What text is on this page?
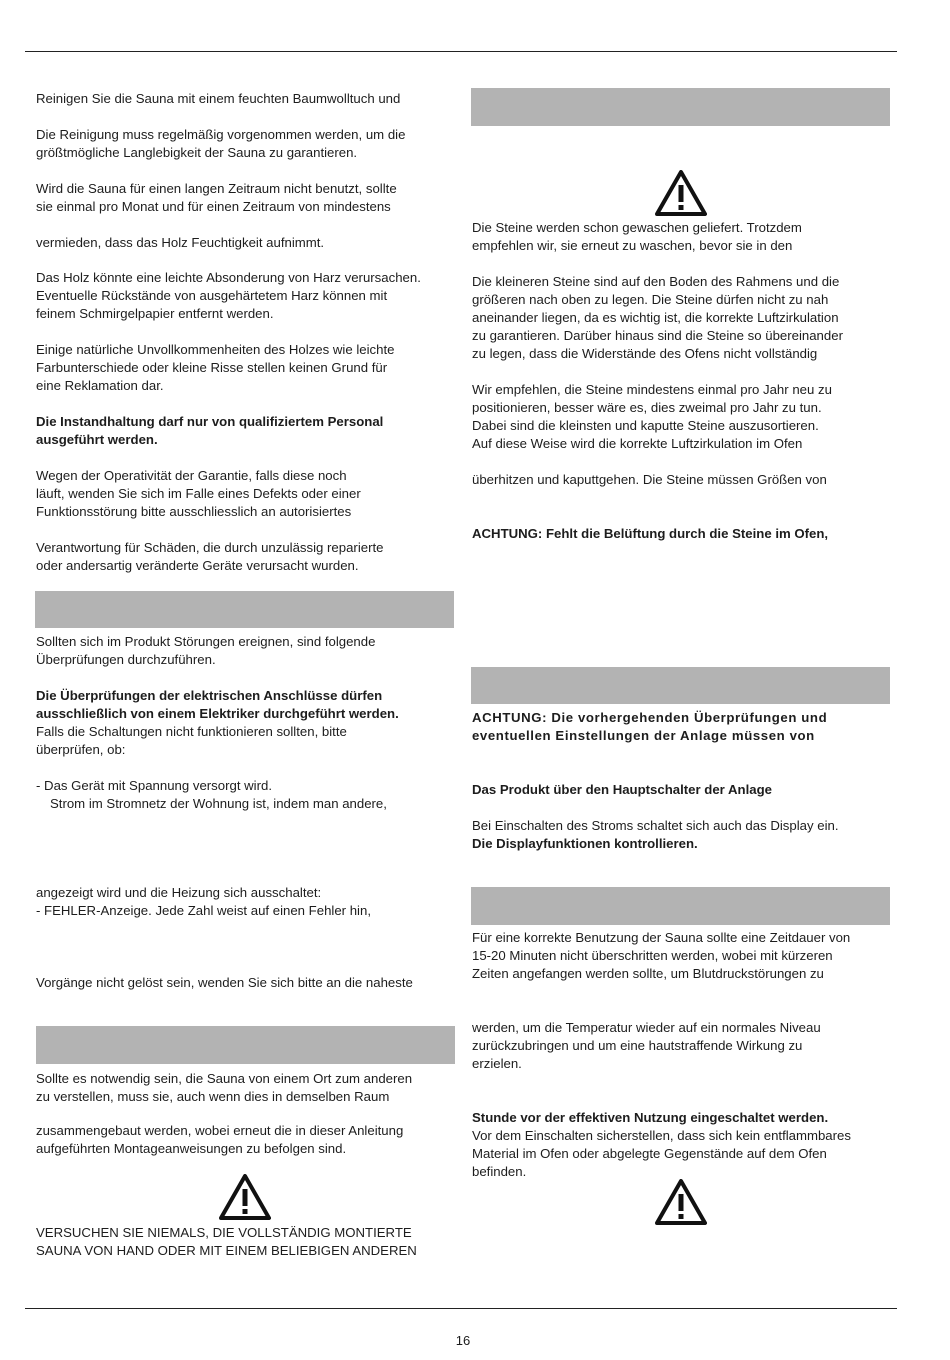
Reinigen Sie die Sauna mit einem feuchten Baumwolltuch und

Die Reinigung muss regelmäßig vorgenommen werden, um die
größtmögliche Langlebigkeit der Sauna zu garantieren.

Wird die Sauna für einen langen Zeitraum nicht benutzt, sollte
sie einmal pro Monat und für einen Zeitraum von mindestens

vermieden, dass das Holz Feuchtigkeit aufnimmt.

Das Holz könnte eine leichte Absonderung von Harz verursachen.
Eventuelle Rückstände von ausgehärtetem Harz können mit
feinem Schmirgelpapier entfernt werden.

Einige natürliche Unvollkommenheiten des Holzes wie leichte
Farbunterschiede oder kleine Risse stellen keinen Grund für
eine Reklamation dar.

Die Instandhaltung darf nur von qualifiziertem Personal
ausgeführt werden.

Wegen der Operativität der Garantie, falls diese noch
läuft, wenden Sie sich im Falle eines Defekts oder einer
Funktionsstörung bitte ausschliesslich an autorisiertes

Verantwortung für Schäden, die durch unzulässig reparierte
oder andersartig veränderte Geräte verursacht wurden.

Sollten sich im Produkt Störungen ereignen, sind folgende
Überprüfungen durchzuführen.

Die Überprüfungen der elektrischen Anschlüsse dürfen
ausschließlich von einem Elektriker durchgeführt werden.

Falls die Schaltungen nicht funktionieren sollten, bitte
überprüfen, ob:

- Das Gerät mit Spannung versorgt wird.
Strom im Stromnetz der Wohnung ist, indem man andere,

angezeigt wird und die Heizung sich ausschaltet:

- FEHLER-Anzeige. Jede Zahl weist auf einen Fehler hin,

Vorgänge nicht gelöst sein, wenden Sie sich bitte an die naheste

Sollte es notwendig sein, die Sauna von einem Ort zum anderen
zu verstellen, muss sie, auch wenn dies in demselben Raum

zusammengebaut werden, wobei erneut die in dieser Anleitung
aufgeführten Montageanweisungen zu befolgen sind.

VERSUCHEN SIE NIEMALS, DIE VOLLSTÄNDIG MONTIERTE
SAUNA VON HAND ODER MIT EINEM BELIEBIGEN ANDEREN

Die Steine werden schon gewaschen geliefert. Trotzdem
empfehlen wir, sie erneut zu waschen, bevor sie in den

Die kleineren Steine sind auf den Boden des Rahmens und die
größeren nach oben zu legen. Die Steine dürfen nicht zu nah
aneinander liegen, da es wichtig ist, die korrekte Luftzirkulation
zu garantieren. Darüber hinaus sind die Steine so übereinander
zu legen, dass die Widerstände des Ofens nicht vollständig

Wir empfehlen, die Steine mindestens einmal pro Jahr neu zu
positionieren, besser wäre es, dies zweimal pro Jahr zu tun.
Dabei sind die kleinsten und kaputte Steine auszusortieren.
Auf diese Weise wird die korrekte Luftzirkulation im Ofen

überhitzen und kaputtgehen. Die Steine müssen Größen von

ACHTUNG: Fehlt die Belüftung durch die Steine im Ofen,

ACHTUNG: Die vorhergehenden Überprüfungen und
eventuellen Einstellungen der Anlage müssen von

Das Produkt über den Hauptschalter der Anlage

Bei Einschalten des Stroms schaltet sich auch das Display ein.

Die Displayfunktionen kontrollieren.

Für eine korrekte Benutzung der Sauna sollte eine Zeitdauer von
15-20 Minuten nicht überschritten werden, wobei mit kürzeren
Zeiten angefangen werden sollte, um Blutdruckstörungen zu

werden, um die Temperatur wieder auf ein normales Niveau
zurückzubringen und um eine hautstraffende Wirkung zu
erzielen.

Stunde vor der effektiven Nutzung eingeschaltet werden.

Vor dem Einschalten sicherstellen, dass sich kein entflammbares
Material im Ofen oder abgelegte Gegenstände auf dem Ofen
befinden.

16
